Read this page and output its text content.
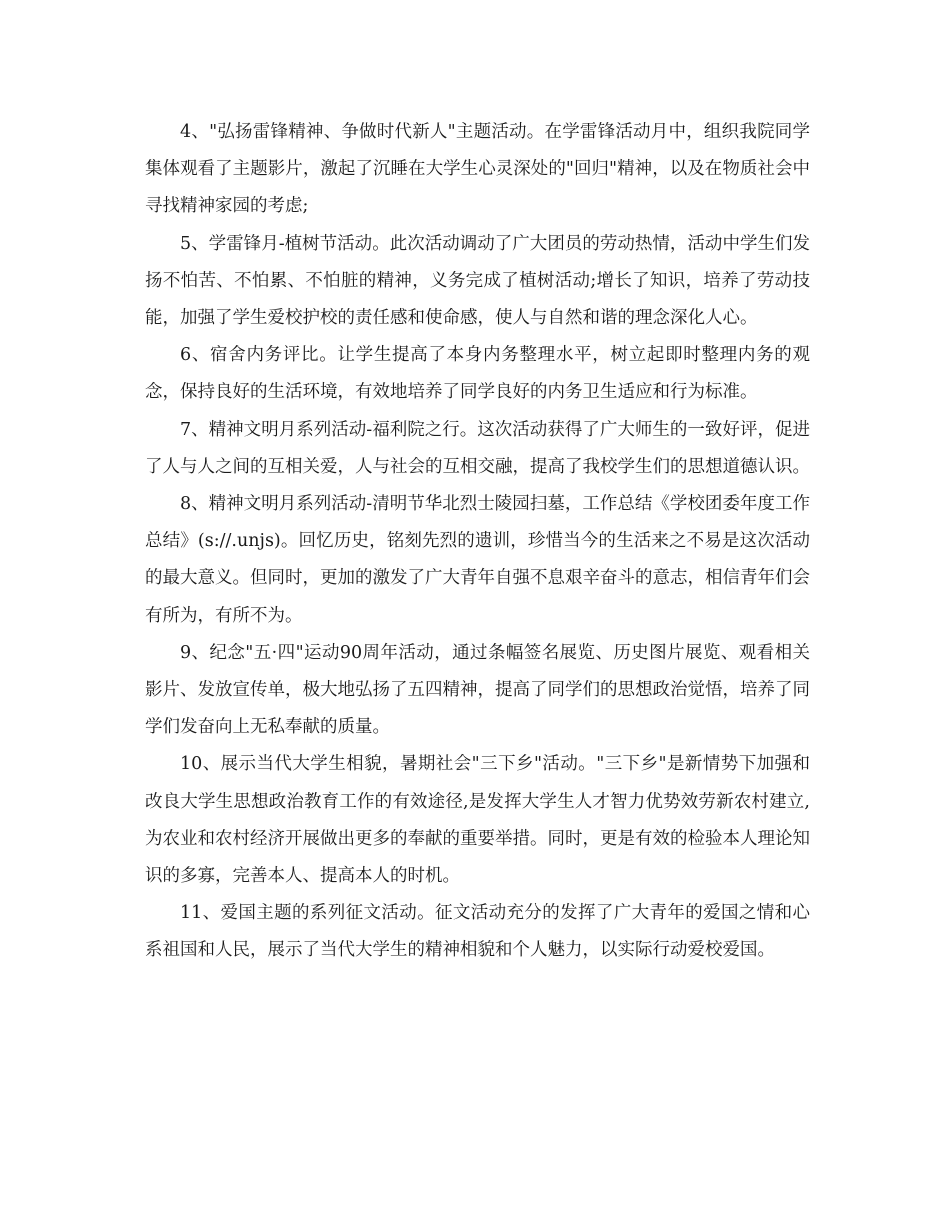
4、"弘扬雷锋精神、争做时代新人"主题活动。在学雷锋活动月中，组织我院同学集体观看了主题影片，激起了沉睡在大学生心灵深处的"回归"精神，以及在物质社会中寻找精神家园的考虑;

5、学雷锋月-植树节活动。此次活动调动了广大团员的劳动热情，活动中学生们发扬不怕苦、不怕累、不怕脏的精神，义务完成了植树活动;增长了知识，培养了劳动技能，加强了学生爱校护校的责任感和使命感，使人与自然和谐的理念深化人心。

6、宿舍内务评比。让学生提高了本身内务整理水平，树立起即时整理内务的观念，保持良好的生活环境，有效地培养了同学良好的内务卫生适应和行为标准。

7、精神文明月系列活动-福利院之行。这次活动获得了广大师生的一致好评，促进了人与人之间的互相关爱，人与社会的互相交融，提高了我校学生们的思想道德认识。

8、精神文明月系列活动-清明节华北烈士陵园扫墓，工作总结《学校团委年度工作总结》(s://.unjs)。回忆历史，铭刻先烈的遗训，珍惜当今的生活来之不易是这次活动的最大意义。但同时，更加的激发了广大青年自强不息艰辛奋斗的意志，相信青年们会有所为，有所不为。

9、纪念"五·四"运动90周年活动，通过条幅签名展览、历史图片展览、观看相关影片、发放宣传单，极大地弘扬了五四精神，提高了同学们的思想政治觉悟，培养了同学们发奋向上无私奉献的质量。

10、展示当代大学生相貌，暑期社会"三下乡"活动。"三下乡"是新情势下加强和改良大学生思想政治教育工作的有效途径,是发挥大学生人才智力优势效劳新农村建立,为农业和农村经济开展做出更多的奉献的重要举措。同时，更是有效的检验本人理论知识的多寡，完善本人、提高本人的时机。

11、爱国主题的系列征文活动。征文活动充分的发挥了广大青年的爱国之情和心系祖国和人民，展示了当代大学生的精神相貌和个人魅力，以实际行动爱校爱国。
